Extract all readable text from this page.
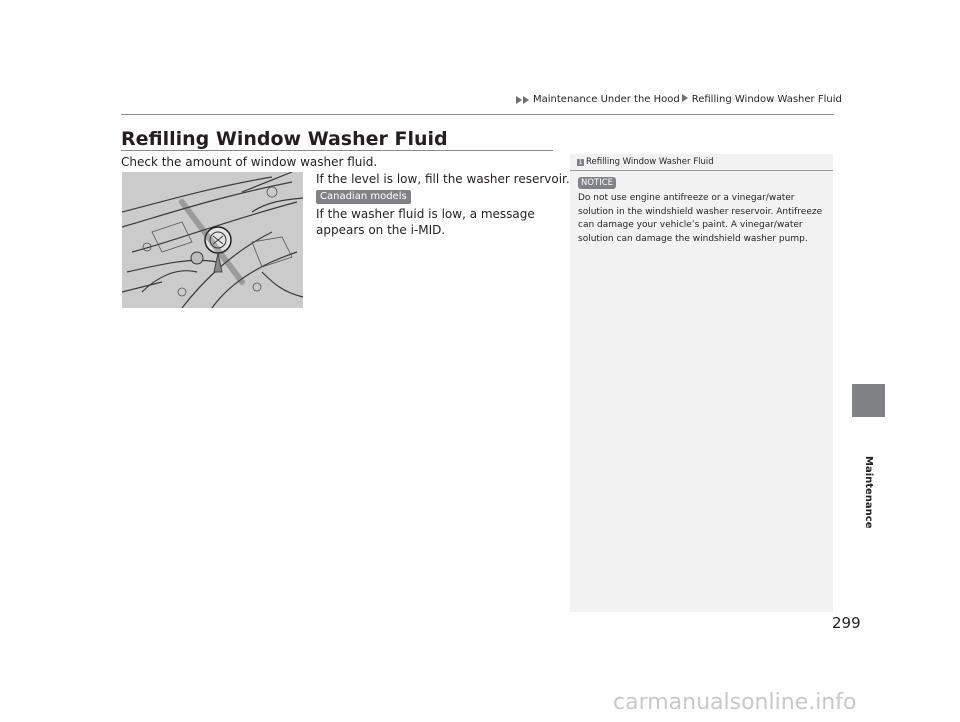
Maintenance Under the Hood Refilling Window Washer Fluid
Refilling Window Washer Fluid
Check the amount of window washer fluid.
If the level is low, fill the washer reservoir.
Canadian models
If the washer fluid is low, a message appears on the i-MID.
1 Refilling Window Washer Fluid
NOTICE
Do not use engine antifreeze or a vinegar/water solution in the windshield washer reservoir. Antifreeze can damage your vehicle’s paint. A vinegar/water solution can damage the windshield washer pump.
Maintenance
299
carmanualsonline.info
